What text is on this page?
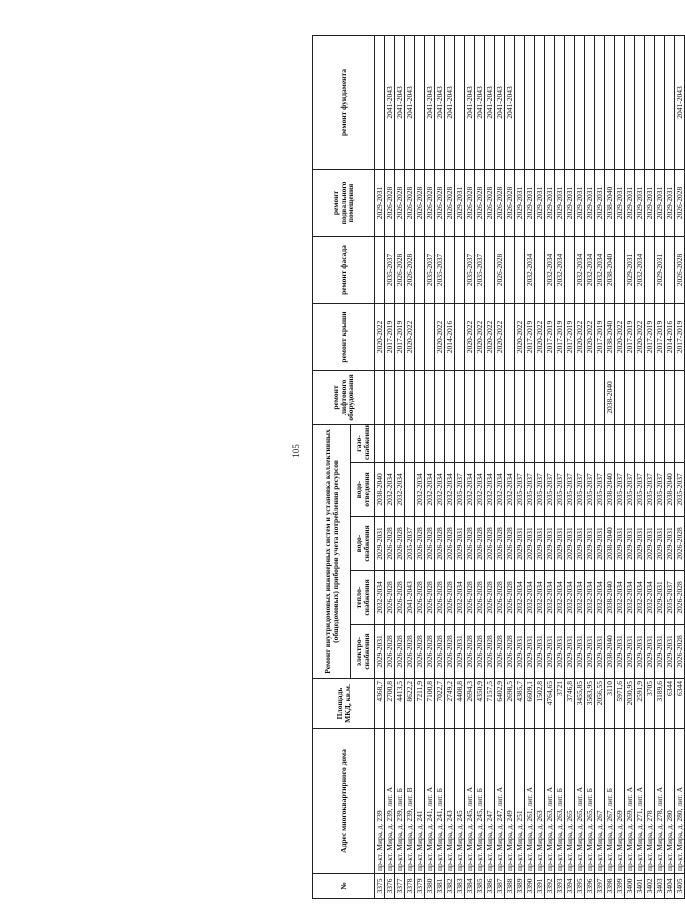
105
№	Адрес многоквартирного дома	Площадь МКД, кв.м.	Ремонт внутридомовых инженерных систем и установка коллективных (общедомовых) приборов учета потребления ресурсов					ремонт лифтового оборудования	ремонт крыши	ремонт фасада	ремонт подвального помещения	ремонт фундамента
			электро-снабжения	тепло-снабжения	водо-снабжения	водо-отведения	газо-снабжения					
3375	пр-кт. Мира, д. 239	4368,7	2029-2031	2032-2034	2029-2031	2038-2040			2020-2022		2029-2031	
3376	пр-кт. Мира, д. 239, лит. А	2700,8	2026-2028	2026-2028	2026-2028	2032-2034			2017-2019	2035-2037	2026-2028	2041-2043
3377	пр-кт. Мира, д. 239, лит. Б	4413,5	2026-2028	2026-2028	2026-2028	2032-2034			2017-2019	2026-2028	2026-2028	2041-2043
3378	пр-кт. Мира, д. 239, лит. В	8622,2	2026-2028	2041-2043	2035-2037				2020-2022	2026-2028	2026-2028	2041-2043
3379	пр-кт. Мира, д. 241	7211,9	2026-2028	2026-2028	2026-2028	2032-2034					2026-2028	
3380	пр-кт. Мира, д. 241, лит. А	7100,8	2026-2028	2026-2028	2026-2028	2032-2034				2035-2037	2026-2028	2041-2043
3381	пр-кт. Мира, д. 241, лит. Б	7022,7	2026-2028	2026-2028	2026-2028	2032-2034			2020-2022	2035-2037	2026-2028	2041-2043
3382	пр-кт. Мира, д. 243	2749,2	2026-2028	2026-2028	2026-2028	2032-2034			2014-2016		2026-2028	2041-2043
3383	пр-кт. Мира, д. 245	4408,8	2029-2031	2032-2034	2029-2031	2035-2037					2029-2031	
3384	пр-кт. Мира, д. 245, лит. А	2694,3	2026-2028	2026-2028	2026-2028	2032-2034			2020-2022	2035-2037	2026-2028	2041-2043
3385	пр-кт. Мира, д. 245, лит. Б	4350,9	2026-2028	2026-2028	2026-2028	2032-2034			2020-2022	2035-2037	2026-2028	2041-2043
3386	пр-кт. Мира, д. 247	7157,5	2026-2028	2026-2028	2026-2028	2032-2034			2020-2022		2026-2028	2041-2043
3387	пр-кт. Мира, д. 247, лит. А	6402,9	2026-2028	2026-2028	2026-2028	2032-2034			2020-2022	2026-2028	2026-2028	2041-2043
3388	пр-кт. Мира, д. 249	2698,5	2026-2028	2026-2028	2026-2028	2032-2034					2026-2028	2041-2043
3389	пр-кт. Мира, д. 251	4385,7	2029-2031	2032-2034	2029-2031	2035-2037			2020-2022		2029-2031	
3390	пр-кт. Мира, д. 261, лит. А	6609,1	2029-2031	2032-2034	2029-2031	2035-2037			2017-2019	2032-2034	2029-2031	
3391	пр-кт. Мира, д. 263	1502,8	2029-2031	2032-2034	2029-2031	2035-2037			2020-2022		2029-2031	
3392	пр-кт. Мира, д. 263, лит. А	4764,65	2029-2031	2032-2034	2029-2031	2035-2037			2017-2019	2032-2034	2029-2031	
3393	пр-кт. Мира, д. 263, лит. Б	3721	2029-2031	2032-2034	2029-2031	2035-2037			2017-2019	2032-2034	2029-2031	
3394	пр-кт. Мира, д. 265	3746,8	2029-2031	2032-2034	2029-2031	2035-2037			2017-2019		2029-2031	
3395	пр-кт. Мира, д. 265, лит. А	3455,85	2029-2031	2032-2034	2029-2031	2035-2037			2020-2022	2032-2034	2029-2031	
3396	пр-кт. Мира, д. 265, лит. Б	3583,95	2029-2031	2032-2034	2029-2031	2035-2037			2020-2022	2032-2034	2029-2031	
3397	пр-кт. Мира, д. 267	2056,55	2029-2031	2032-2034	2029-2031	2035-2037			2017-2019	2032-2034	2029-2031	
3398	пр-кт. Мира, д. 267, лит. Б	3110	2038-2040	2038-2040	2038-2040	2038-2040		2038-2040	2038-2040	2038-2040	2038-2040	
3399	пр-кт. Мира, д. 269	5971,6	2029-2031	2032-2034	2029-2031	2035-2037			2020-2022		2029-2031	
3400	пр-кт. Мира, д. 269, лит. А	2030,95	2029-2031	2032-2034	2029-2031	2035-2037			2017-2019	2029-2031	2029-2031	
3401	пр-кт. Мира, д. 271, лит. А	2591,9	2029-2031	2032-2034	2029-2031	2035-2037			2020-2022	2032-2034	2029-2031	
3402	пр-кт. Мира, д. 278	3705	2029-2031	2032-2034	2029-2031	2035-2037			2017-2019		2029-2031	
3403	пр-кт. Мира, д. 278, лит. А	3189,6	2029-2031	2029-2031	2029-2031	2035-2037			2017-2019	2029-2031	2029-2031	
3404	пр-кт. Мира, д. 280	6344	2029-2031	2035-2037	2029-2031	2038-2040			2014-2016		2029-2031	
3405	пр-кт. Мира, д. 280, лит. А	6344	2026-2028	2026-2028	2026-2028	2035-2037			2017-2019	2026-2028	2026-2028	2041-2043
